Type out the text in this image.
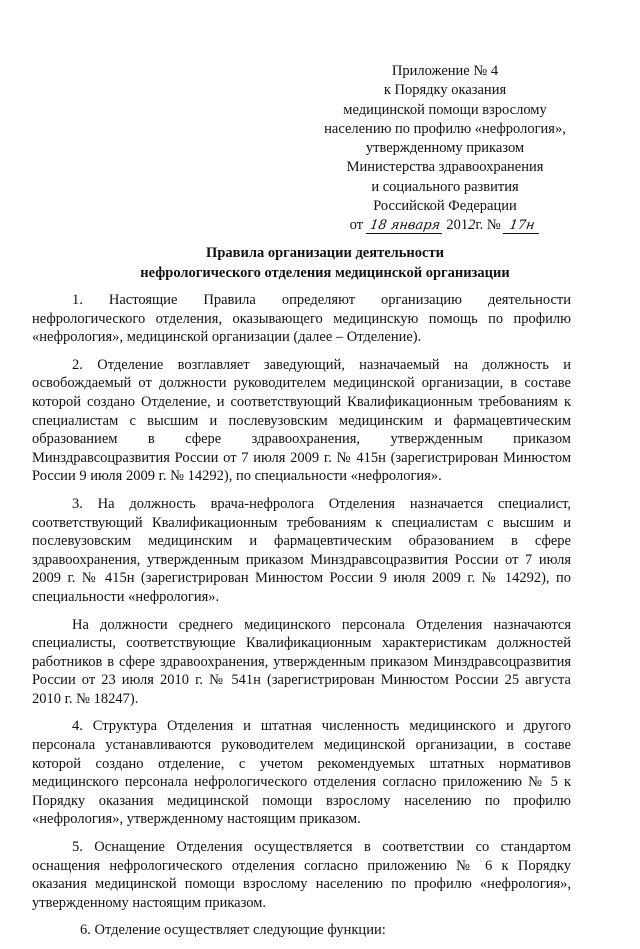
Приложение № 4
к Порядку оказания
медицинской помощи взрослому
населению по профилю «нефрология»,
утвержденному приказом
Министерства здравоохранения
и социального развития
Российской Федерации
от 18 января 2012г. № 17н
Правила организации деятельности
нефрологического отделения медицинской организации

1. Настоящие Правила определяют организацию деятельности нефрологического отделения, оказывающего медицинскую помощь по профилю «нефрология», медицинской организации (далее – Отделение).

2. Отделение возглавляет заведующий, назначаемый на должность и освобождаемый от должности руководителем медицинской организации, в составе которой создано Отделение, и соответствующий Квалификационным требованиям к специалистам с высшим и послевузовским медицинским и фармацевтическим образованием в сфере здравоохранения, утвержденным приказом Минздравсоцразвития России от 7 июля 2009 г. № 415н (зарегистрирован Минюстом России 9 июля 2009 г. № 14292), по специальности «нефрология».

3. На должность врача-нефролога Отделения назначается специалист, соответствующий Квалификационным требованиям к специалистам с высшим и послевузовским медицинским и фармацевтическим образованием в сфере здравоохранения, утвержденным приказом Минздравсоцразвития России от 7 июля 2009 г. № 415н (зарегистрирован Минюстом России 9 июля 2009 г. № 14292), по специальности «нефрология».

На должности среднего медицинского персонала Отделения назначаются специалисты, соответствующие Квалификационным характеристикам должностей работников в сфере здравоохранения, утвержденным приказом Минздравсоцразвития России от 23 июля 2010 г. № 541н (зарегистрирован Минюстом России 25 августа 2010 г. № 18247).

4. Структура Отделения и штатная численность медицинского и другого персонала устанавливаются руководителем медицинской организации, в составе которой создано отделение, с учетом рекомендуемых штатных нормативов медицинского персонала нефрологического отделения согласно приложению № 5 к Порядку оказания медицинской помощи взрослому населению по профилю «нефрология», утвержденному настоящим приказом.

5. Оснащение Отделения осуществляется в соответствии со стандартом оснащения нефрологического отделения согласно приложению № 6 к Порядку оказания медицинской помощи взрослому населению по профилю «нефрология», утвержденному настоящим приказом.

6. Отделение осуществляет следующие функции:
